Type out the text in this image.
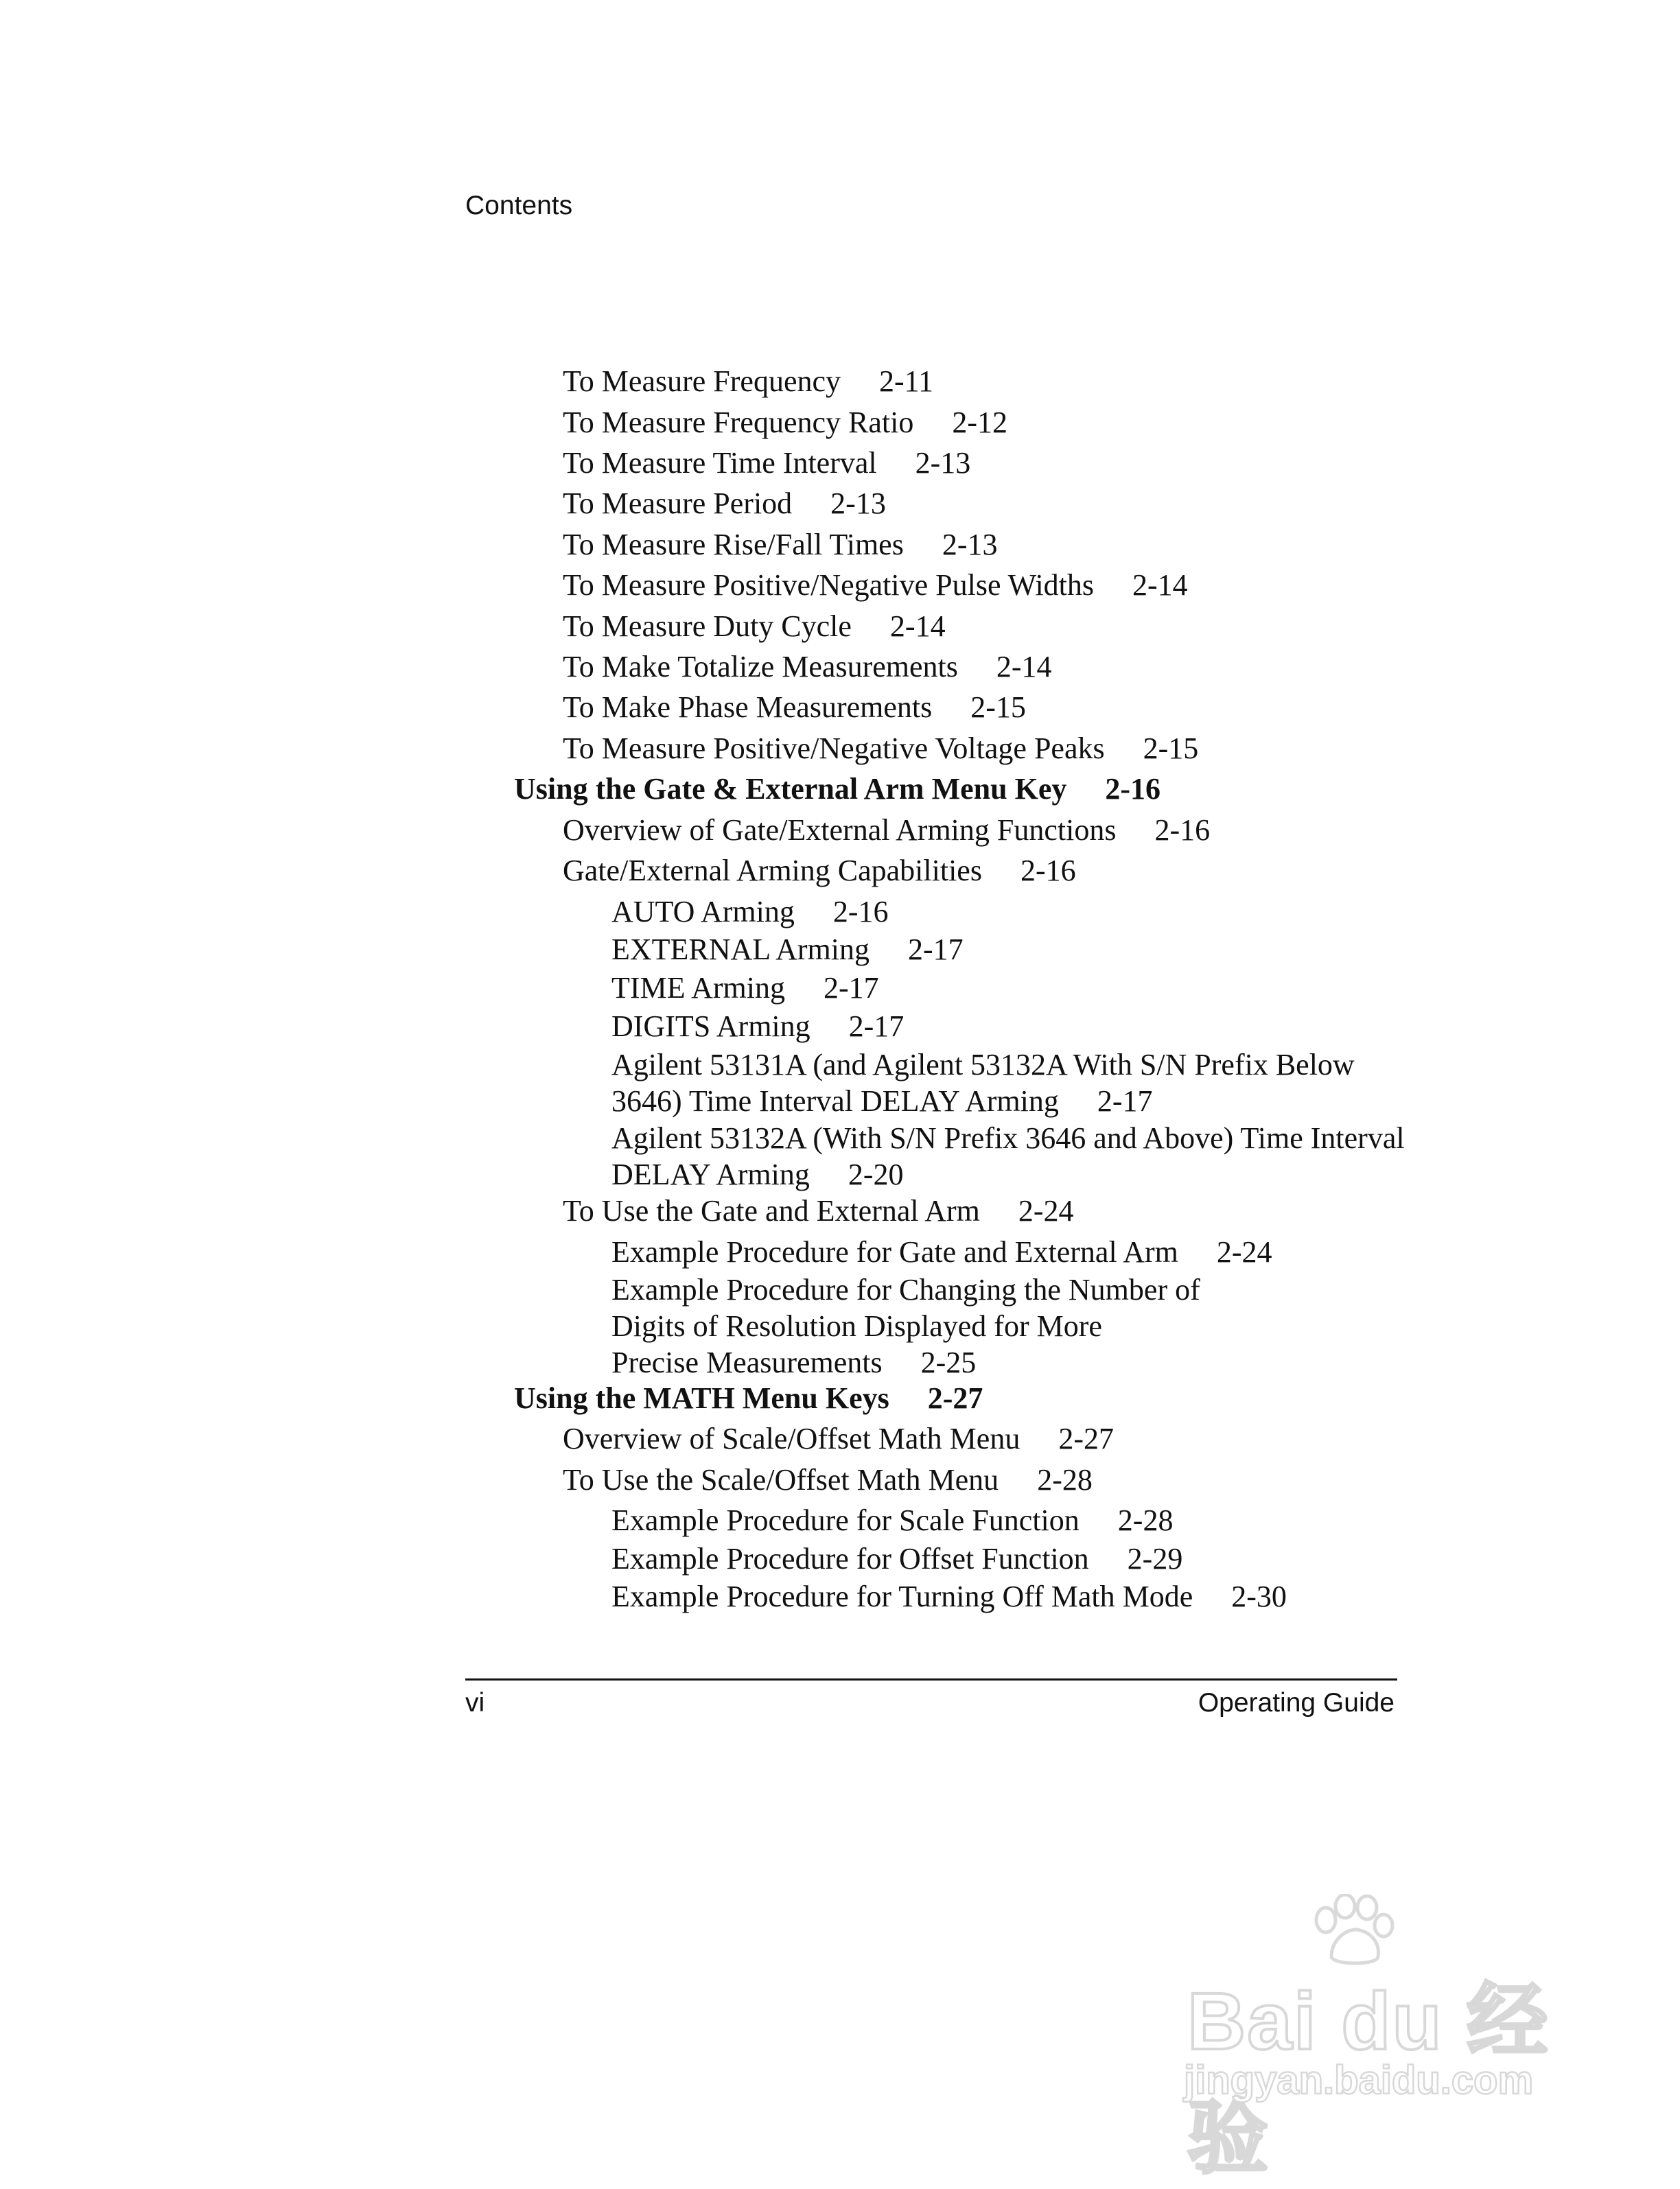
Contents
To Measure Frequency 2-11
To Measure Frequency Ratio 2-12
To Measure Time Interval 2-13
To Measure Period 2-13
To Measure Rise/Fall Times 2-13
To Measure Positive/Negative Pulse Widths 2-14
To Measure Duty Cycle 2-14
To Make Totalize Measurements 2-14
To Make Phase Measurements 2-15
To Measure Positive/Negative Voltage Peaks 2-15
Using the Gate & External Arm Menu Key 2-16
Overview of Gate/External Arming Functions 2-16
Gate/External Arming Capabilities 2-16
AUTO Arming 2-16
EXTERNAL Arming 2-17
TIME Arming 2-17
DIGITS Arming 2-17
Agilent 53131A (and Agilent 53132A With S/N Prefix Below
3646) Time Interval DELAY Arming 2-17
Agilent 53132A (With S/N Prefix 3646 and Above) Time Interval
DELAY Arming 2-20
To Use the Gate and External Arm 2-24
Example Procedure for Gate and External Arm 2-24
Example Procedure for Changing the Number of
Digits of Resolution Displayed for More
Precise Measurements 2-25
Using the MATH Menu Keys 2-27
Overview of Scale/Offset Math Menu 2-27
To Use the Scale/Offset Math Menu 2-28
Example Procedure for Scale Function 2-28
Example Procedure for Offset Function 2-29
Example Procedure for Turning Off Math Mode 2-30
vi	Operating Guide
Bai du 经验
jingyan.baidu.com
